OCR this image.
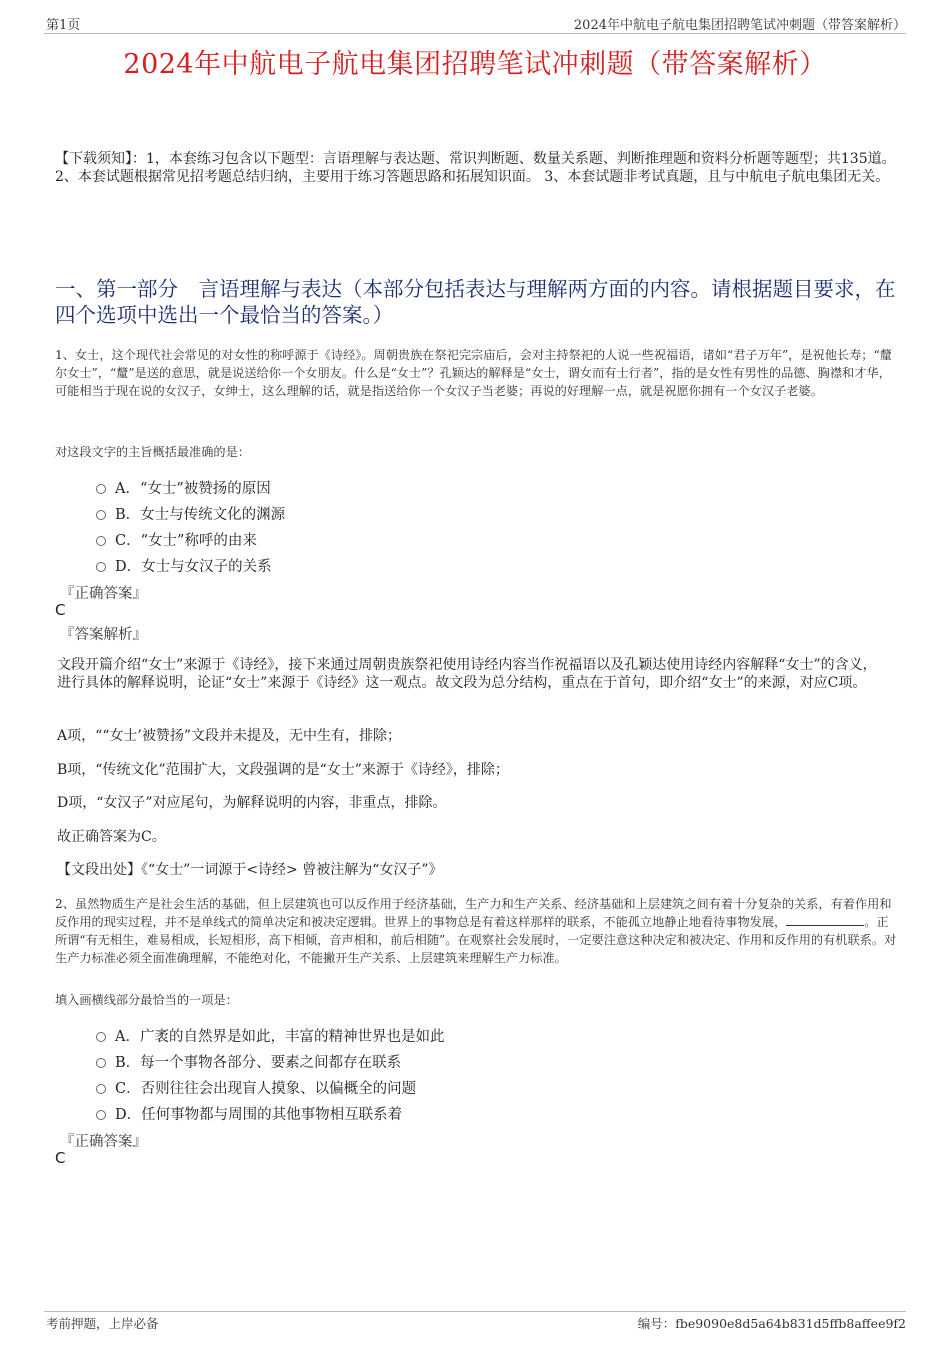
第1页	2024年中航电子航电集团招聘笔试冲刺题（带答案解析）
2024年中航电子航电集团招聘笔试冲刺题（带答案解析）
【下载须知】：1，本套练习包含以下题型：言语理解与表达题、常识判断题、数量关系题、判断推理题和资料分析题等题型；共135道。 2、本套试题根据常见招考题总结归纳，主要用于练习答题思路和拓展知识面。 3、本套试题非考试真题，且与中航电子航电集团无关。
一、第一部分　言语理解与表达（本部分包括表达与理解两方面的内容。请根据题目要求，在四个选项中选出一个最恰当的答案。）
1、女士，这个现代社会常见的对女性的称呼源于《诗经》。周朝贵族在祭祀完宗庙后，会对主持祭祀的人说一些祝福语，诸如“君子万年”，是祝他长寿；“釐尔女士”，“釐”是送的意思，就是说送给你一个女朋友。什么是“女士”？孔颖达的解释是“女士，谓女而有士行者”，指的是女性有男性的品德、胸襟和才华，可能相当于现在说的女汉子，女绅士，这么理解的话，就是指送给你一个女汉子当老婆；再说的好理解一点，就是祝愿你拥有一个女汉子老婆。
对这段文字的主旨概括最准确的是：
A．“女士”被赞扬的原因
B．女士与传统文化的渊源
C．“女士”称呼的由来
D．女士与女汉子的关系
『正确答案』
C
『答案解析』
文段开篇介绍“女士”来源于《诗经》，接下来通过周朝贵族祭祀使用诗经内容当作祝福语以及孔颖达使用诗经内容解释“女士”的含义，进行具体的解释说明，论证“女士”来源于《诗经》这一观点。故文段为总分结构，重点在于首句，即介绍“女士”的来源，对应C项。
A项，““女士’被赞扬”文段并未提及，无中生有，排除；
B项，“传统文化”范围扩大，文段强调的是“女士”来源于《诗经》，排除；
D项，“女汉子”对应尾句，为解释说明的内容，非重点，排除。
故正确答案为C。
【文段出处】《“女士”一词源于<诗经> 曾被注解为“女汉子”》
2、虽然物质生产是社会生活的基础，但上层建筑也可以反作用于经济基础，生产力和生产关系、经济基础和上层建筑之间有着十分复杂的关系，有着作用和反作用的现实过程，并不是单线式的简单决定和被决定逻辑。世界上的事物总是有着这样那样的联系，不能孤立地静止地看待事物发展，	。正所谓“有无相生，难易相成，长短相形，高下相倾，音声相和，前后相随”。在观察社会发展时，一定要注意这种决定和被决定、作用和反作用的有机联系。对生产力标准必须全面准确理解，不能绝对化，不能撇开生产关系、上层建筑来理解生产力标准。
填入画横线部分最恰当的一项是：
A．广袤的自然界是如此，丰富的精神世界也是如此
B．每一个事物各部分、要素之间都存在联系
C．否则往往会出现盲人摸象、以偏概全的问题
D．任何事物都与周围的其他事物相互联系着
『正确答案』
C
考前押题，上岸必备	编号：fbe9090e8d5a64b831d5ffb8affee9f2
